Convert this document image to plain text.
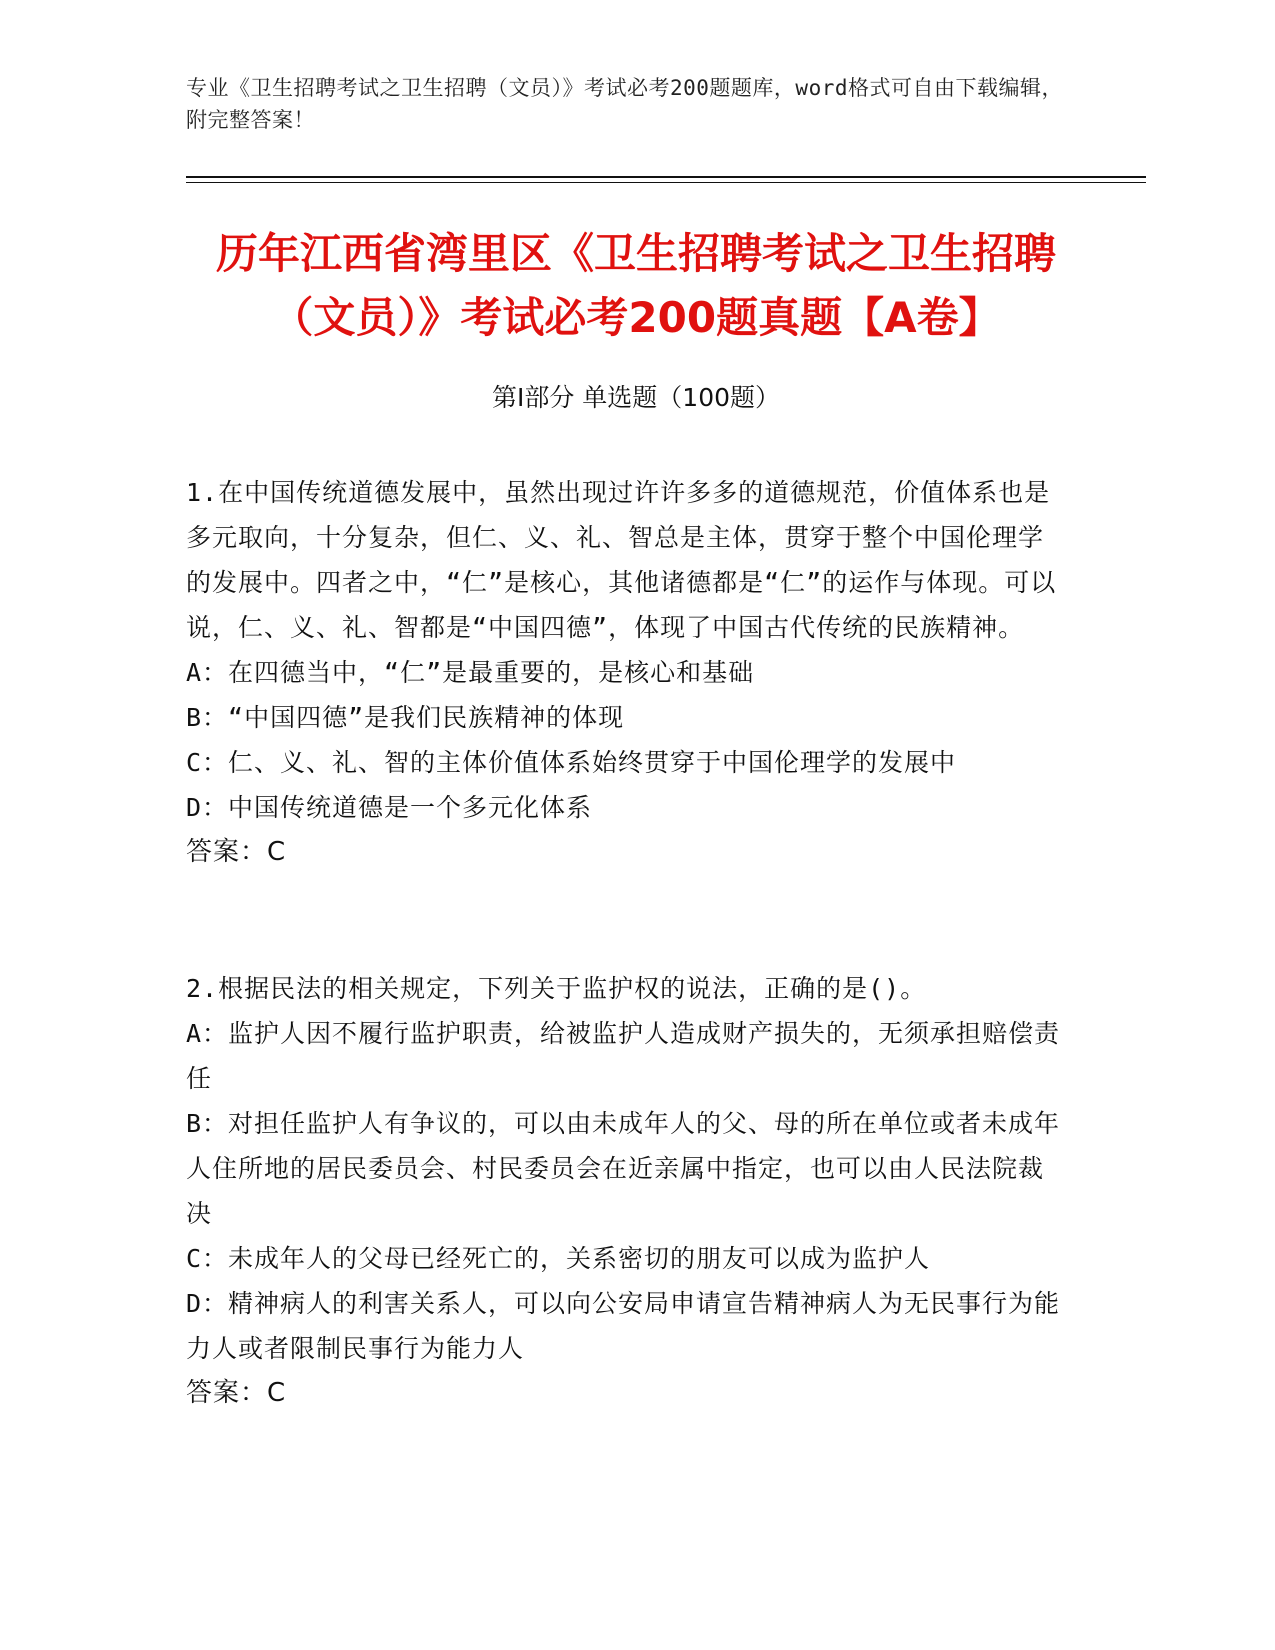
专业《卫生招聘考试之卫生招聘（文员）》考试必考200题题库，word格式可自由下载编辑，附完整答案！
历年江西省湾里区《卫生招聘考试之卫生招聘（文员）》考试必考200题真题【A卷】
第Ⅰ部分 单选题（100题）

1.在中国传统道德发展中，虽然出现过许许多多的道德规范，价值体系也是多元取向，十分复杂，但仁、义、礼、智总是主体，贯穿于整个中国伦理学的发展中。四者之中，“仁”是核心，其他诸德都是“仁”的运作与体现。可以说，仁、义、礼、智都是“中国四德”，体现了中国古代传统的民族精神。

A：在四德当中，“仁”是最重要的，是核心和基础

B：“中国四德”是我们民族精神的体现

C：仁、义、礼、智的主体价值体系始终贯穿于中国伦理学的发展中

D：中国传统道德是一个多元化体系

答案：C

2.根据民法的相关规定，下列关于监护权的说法，正确的是()。

A：监护人因不履行监护职责，给被监护人造成财产损失的，无须承担赔偿责任

B：对担任监护人有争议的，可以由未成年人的父、母的所在单位或者未成年人住所地的居民委员会、村民委员会在近亲属中指定，也可以由人民法院裁决

C：未成年人的父母已经死亡的，关系密切的朋友可以成为监护人

D：精神病人的利害关系人，可以向公安局申请宣告精神病人为无民事行为能力人或者限制民事行为能力人

答案：C
